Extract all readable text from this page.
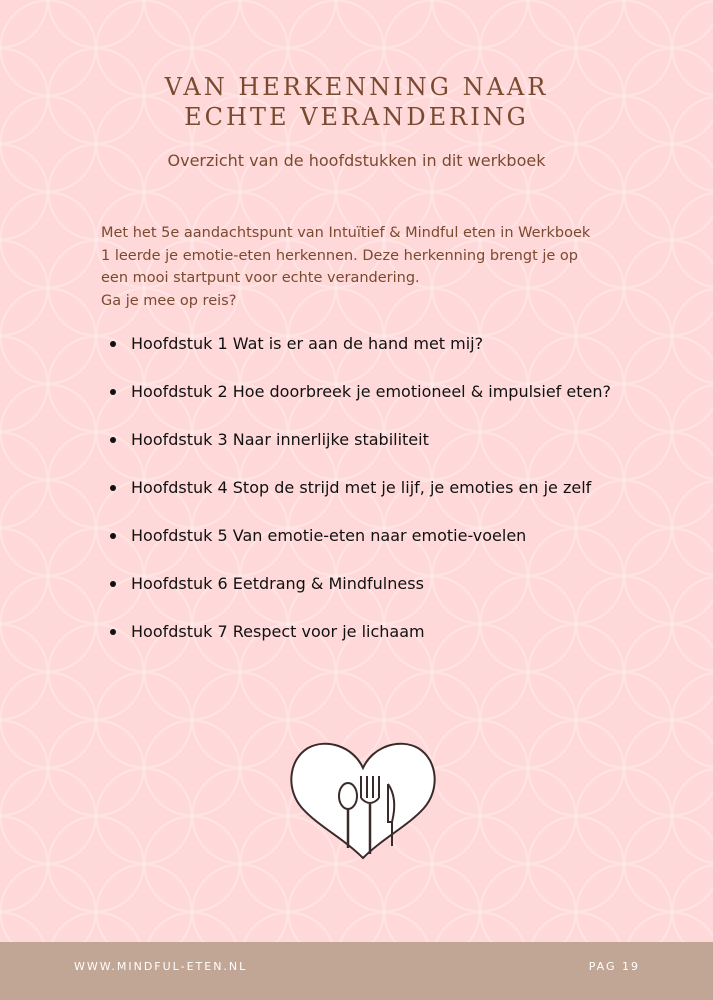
VAN HERKENNING NAAR
ECHTE VERANDERING
Overzicht van de hoofdstukken in dit werkboek
Met het 5e aandachtspunt van Intuïtief & Mindful eten in Werkboek
1 leerde je emotie-eten herkennen. Deze herkenning brengt je op
een mooi startpunt voor echte verandering.
Ga je mee op reis?
Hoofdstuk 1 Wat is er aan de hand met mij?
Hoofdstuk 2 Hoe doorbreek je emotioneel & impulsief eten?
Hoofdstuk 3 Naar innerlijke stabiliteit
Hoofdstuk 4 Stop de strijd met je lijf, je emoties en je zelf
Hoofdstuk 5 Van emotie-eten naar emotie-voelen
Hoofdstuk 6 Eetdrang & Mindfulness
Hoofdstuk 7 Respect voor je lichaam
WWW.MINDFUL-ETEN.NL	PAG 19
